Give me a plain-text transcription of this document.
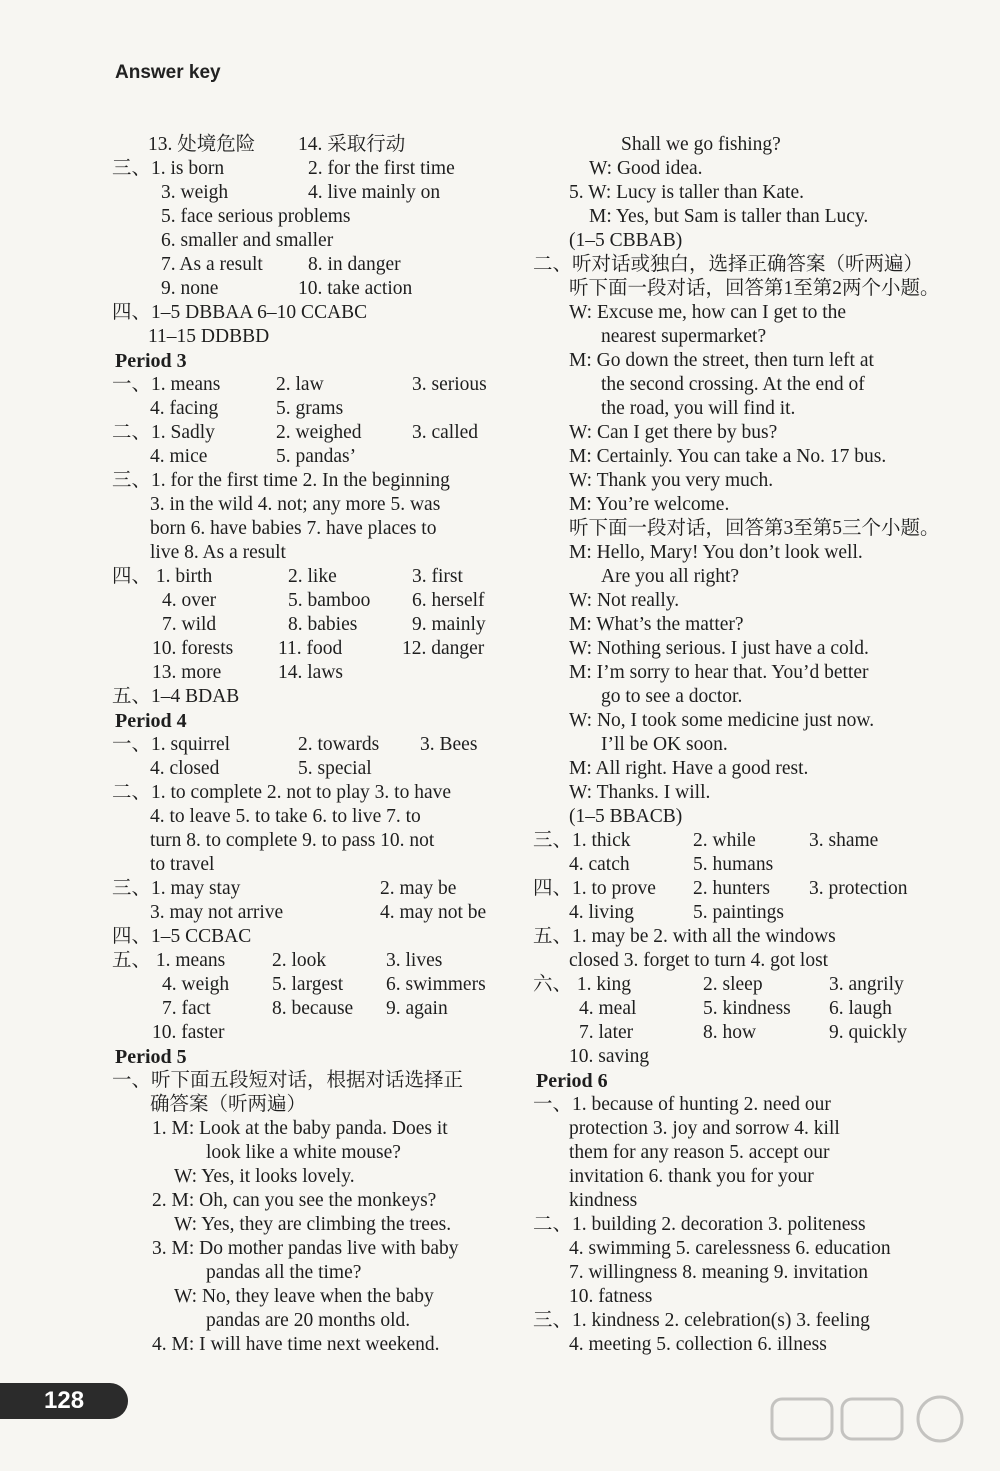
Answer key
13. 处境危险 14. 采取行动
三、1. is born	2. for the first time
3. weigh	4. live mainly on
5. face serious problems
6. smaller and smaller
7. As a result 8. in danger
9. none	10. take action
四、1–5 DBBAA 6–10 CCABC
11–15 DDBBD
Period 3
一、1. means	2. law	3. serious
4. facing	5. grams
二、1. Sadly	2. weighed	3. called
4. mice	5. pandas’
三、1. for the first time 2. In the beginning
3. in the wild 4. not; any more 5. was
born 6. have babies 7. have places to
live 8. As a result
四、 1. birth	2. like	3. first
4. over	5. bamboo 6. herself
7. wild	8. babies	9. mainly
10. forests 11. food	12. danger
13. more	14. laws
五、1–4 BDAB
Period 4
一、1. squirrel	2. towards 3. Bees
4. closed	5. special
二、1. to complete 2. not to play 3. to have
4. to leave 5. to take 6. to live 7. to
turn 8. to complete 9. to pass 10. not
to travel
三、1. may stay	2. may be
3. may not arrive	4. may not be
四、1–5 CCBAC
五、 1. means 2. look	3. lives
4. weigh 5. largest 6. swimmers
7. fact	8. because 9. again
10. faster
Period 5
一、听下面五段短对话，根据对话选择正
确答案（听两遍）
1. M: Look at the baby panda. Does it
look like a white mouse?
W: Yes, it looks lovely.
2. M: Oh, can you see the monkeys?
W: Yes, they are climbing the trees.
3. M: Do mother pandas live with baby
pandas all the time?
W: No, they leave when the baby
pandas are 20 months old.
4. M: I will have time next weekend.
Shall we go fishing?
W: Good idea.
5. W: Lucy is taller than Kate.
M: Yes, but Sam is taller than Lucy.
(1–5 CBBAB)
二、听对话或独白，选择正确答案（听两遍）
听下面一段对话，回答第1至第2两个小题。
W: Excuse me, how can I get to the
nearest supermarket?
M: Go down the street, then turn left at
the second crossing. At the end of
the road, you will find it.
W: Can I get there by bus?
M: Certainly. You can take a No. 17 bus.
W: Thank you very much.
M: You’re welcome.
听下面一段对话，回答第3至第5三个小题。
M: Hello, Mary! You don’t look well.
Are you all right?
W: Not really.
M: What’s the matter?
W: Nothing serious. I just have a cold.
M: I’m sorry to hear that. You’d better
go to see a doctor.
W: No, I took some medicine just now.
I’ll be OK soon.
M: All right. Have a good rest.
W: Thanks. I will.
(1–5 BBACB)
三、1. thick	2. while	3. shame
4. catch	5. humans
四、1. to prove 2. hunters 3. protection
4. living	5. paintings
五、1. may be 2. with all the windows
closed 3. forget to turn 4. got lost
六、 1. king	2. sleep	3. angrily
4. meal	5. kindness 6. laugh
7. later	8. how	9. quickly
10. saving
Period 6
一、1. because of hunting 2. need our
protection 3. joy and sorrow 4. kill
them for any reason 5. accept our
invitation 6. thank you for your
kindness
二、1. building 2. decoration 3. politeness
4. swimming 5. carelessness 6. education
7. willingness 8. meaning 9. invitation
10. fatness
三、1. kindness 2. celebration(s) 3. feeling
4. meeting 5. collection 6. illness
128
